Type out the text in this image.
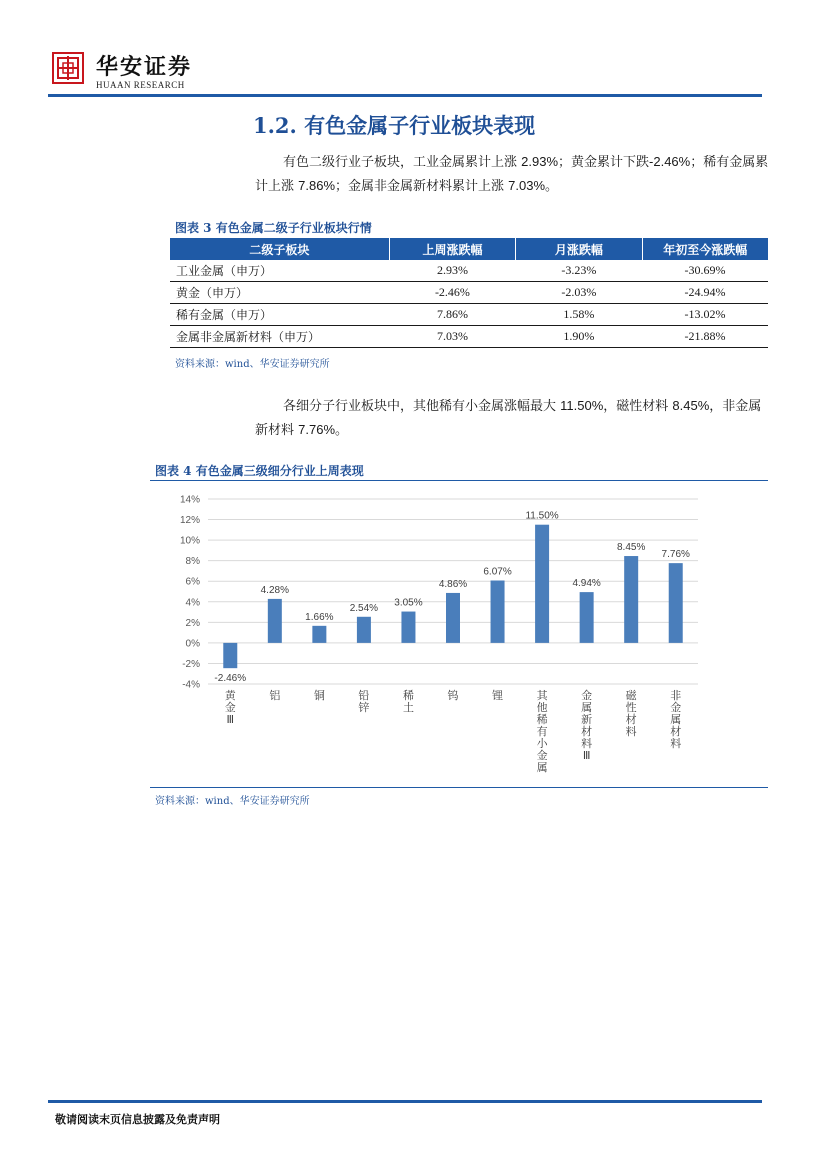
华安证券
HUAAN RESEARCH
1.2. 有色金属子行业板块表现
有色二级行业子板块，工业金属累计上涨 2.93%；黄金累计下跌-2.46%；稀有金属累计上涨 7.86%；金属非金属新材料累计上涨 7.03%。
图表 3 有色金属二级子行业板块行情
二级子板块	上周涨跌幅	月涨跌幅	年初至今涨跌幅
工业金属（申万）	2.93%	-3.23%	-30.69%
黄金（申万）	-2.46%	-2.03%	-24.94%
稀有金属（申万）	7.86%	1.58%	-13.02%
金属非金属新材料（申万）	7.03%	1.90%	-21.88%
资料来源：wind、华安证券研究所
各细分子行业板块中，其他稀有小金属涨幅最大 11.50%，磁性材料 8.45%，非金属新材料 7.76%。
图表 4 有色金属三级细分行业上周表现
-4%
-2%
0%
2%
4%
6%
8%
10%
12%
14%
-2.46%
黄
金
Ⅲ
4.28%
铝
1.66%
铜
2.54%
铅
锌
3.05%
稀
土
4.86%
钨
6.07%
锂
11.50%
其
他
稀
有
小
金
属
4.94%
金
属
新
材
料
Ⅲ
8.45%
磁
性
材
料
7.76%
非
金
属
材
料
资料来源：wind、华安证券研究所
敬请阅读末页信息披露及免责声明
